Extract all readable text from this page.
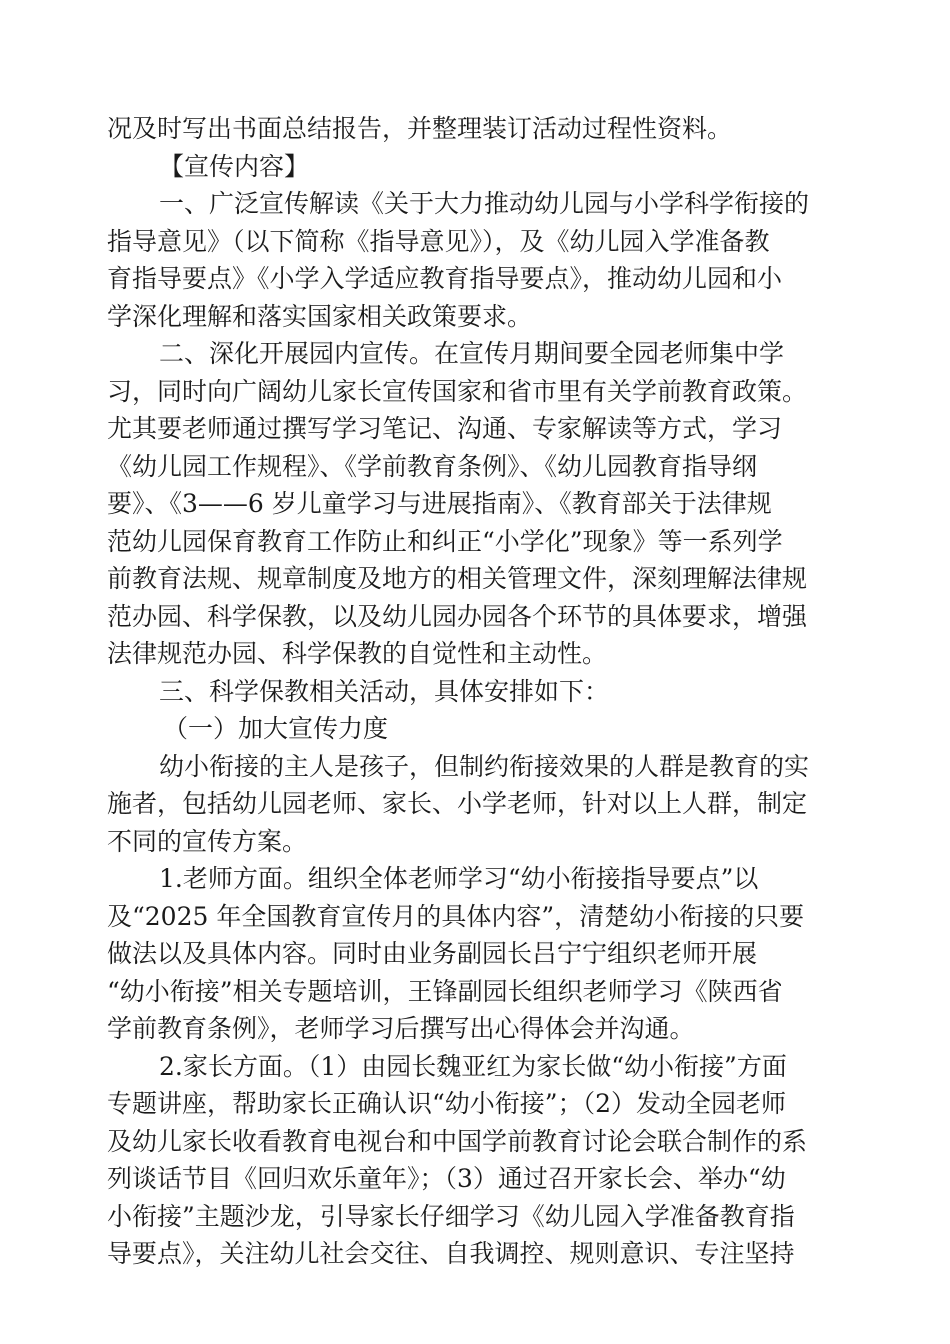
况及时写出书面总结报告，并整理装订活动过程性资料。
【宣传内容】
一、广泛宣传解读《关于大力推动幼儿园与小学科学衔接的
指导意见》（以下简称《指导意见》），及《幼儿园入学准备教
育指导要点》《小学入学适应教育指导要点》，推动幼儿园和小
学深化理解和落实国家相关政策要求。
二、深化开展园内宣传。在宣传月期间要全园老师集中学
习，同时向广阔幼儿家长宣传国家和省市里有关学前教育政策。
尤其要老师通过撰写学习笔记、沟通、专家解读等方式，学习
《幼儿园工作规程》、《学前教育条例》、《幼儿园教育指导纲
要》、《3——6 岁儿童学习与进展指南》、《教育部关于法律规
范幼儿园保育教育工作防止和纠正“小学化”现象》等一系列学
前教育法规、规章制度及地方的相关管理文件，深刻理解法律规
范办园、科学保教，以及幼儿园办园各个环节的具体要求，增强
法律规范办园、科学保教的自觉性和主动性。
三、科学保教相关活动，具体安排如下：
（一）加大宣传力度
幼小衔接的主人是孩子，但制约衔接效果的人群是教育的实
施者，包括幼儿园老师、家长、小学老师，针对以上人群，制定
不同的宣传方案。
1.老师方面。组织全体老师学习“幼小衔接指导要点”以
及“2025 年全国教育宣传月的具体内容”，清楚幼小衔接的只要
做法以及具体内容。同时由业务副园长吕宁宁组织老师开展
“幼小衔接”相关专题培训，王锋副园长组织老师学习《陕西省
学前教育条例》，老师学习后撰写出心得体会并沟通。
2.家长方面。（1）由园长魏亚红为家长做“幼小衔接”方面
专题讲座，帮助家长正确认识“幼小衔接”；（2）发动全园老师
及幼儿家长收看教育电视台和中国学前教育讨论会联合制作的系
列谈话节目《回归欢乐童年》；（3）通过召开家长会、举办“幼
小衔接”主题沙龙，引导家长仔细学习《幼儿园入学准备教育指
导要点》，关注幼儿社会交往、自我调控、规则意识、专注坚持
